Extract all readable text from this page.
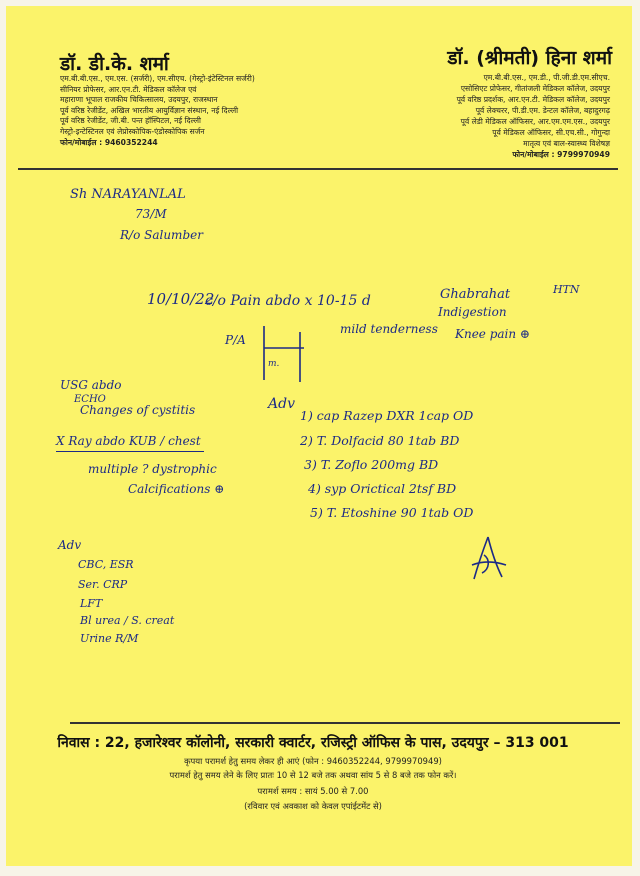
डॉ. डी.के. शर्मा
एम.बी.बी.एस., एम.एस. (सर्जरी), एम.सीएच. (गेस्ट्रो-इंटेस्टिनल सर्जरी)
सीनियर प्रोफेसर, आर.एन.टी. मेडिकल कॉलेज एवं
महाराणा भूपाल राजकीय चिकित्सालय, उदयपुर, राजस्थान
पूर्व वरिष्ठ रेजीडेंट, अखिल भारतीय आयुर्विज्ञान संस्थान, नई दिल्ली
पूर्व वरिष्ठ रेजीडेंट, जी.बी. पन्त हॉस्पिटल, नई दिल्ली
गेस्ट्रो-इन्टेस्टिनल एवं लेप्रोस्कोपिक-एंडोस्कोपिक सर्जन
फोन/मोबाईल : 9460352244
डॉ. (श्रीमती) हिना शर्मा
एम.बी.बी.एस., एम.डी., पी.जी.डी.एम.सीएच.
एसोसिएट प्रोफेसर, गीतांजली मेडिकल कॉलेज, उदयपुर
पूर्व वरिष्ठ प्रदर्शक, आर.एन.टी. मेडिकल कॉलेज, उदयपुर
पूर्व लेक्चरर, पी.डी.एम. डेन्टल कॉलेज, बहादुरगढ़
पूर्व लेडी मेडिकल ऑफिसर, आर.एम.एम.एस., उदयपुर
पूर्व मेडिकल ऑफिसर, सी.एच.सी., गोगुन्दा
मातृत्व एवं बाल-स्वास्थ्य विशेषज्ञ
फोन/मोबाईल : 9799970949
Sh NARAYANLAL
73/M
R/o Salumber
10/10/22
c/o Pain abdo x 10-15 d	Ghabrahat
Indigestion
Knee pain ⊕
HTN
P/A
m.
mild tenderness
USG abdo
ECHO
Changes of cystitis
X Ray abdo KUB / chest
multiple ? dystrophic
Calcifications ⊕
Adv
1) cap Razep DXR 1cap OD
2) T. Dolfacid 80 1tab BD
3) T. Zoflo 200mg BD
4) syp Orictical 2tsf BD
5) T. Etoshine 90 1tab OD
Adv
CBC, ESR
Ser. CRP
LFT
Bl urea / S. creat
Urine R/M
निवास : 22, हजारेश्वर कॉलोनी, सरकारी क्वार्टर, रजिस्ट्री ऑफिस के पास, उदयपुर – 313 001
कृपया परामर्श हेतु समय लेकर ही आएं (फोन : 9460352244, 9799970949)
परामर्श हेतु समय लेने के लिए प्रातः 10 से 12 बजे तक अथवा सांय 5 से 8 बजे तक फोन करें।
परामर्श समय : सायं 5.00 से 7.00
(रविवार एवं अवकाश को केवल एपांईटमेंट से)
